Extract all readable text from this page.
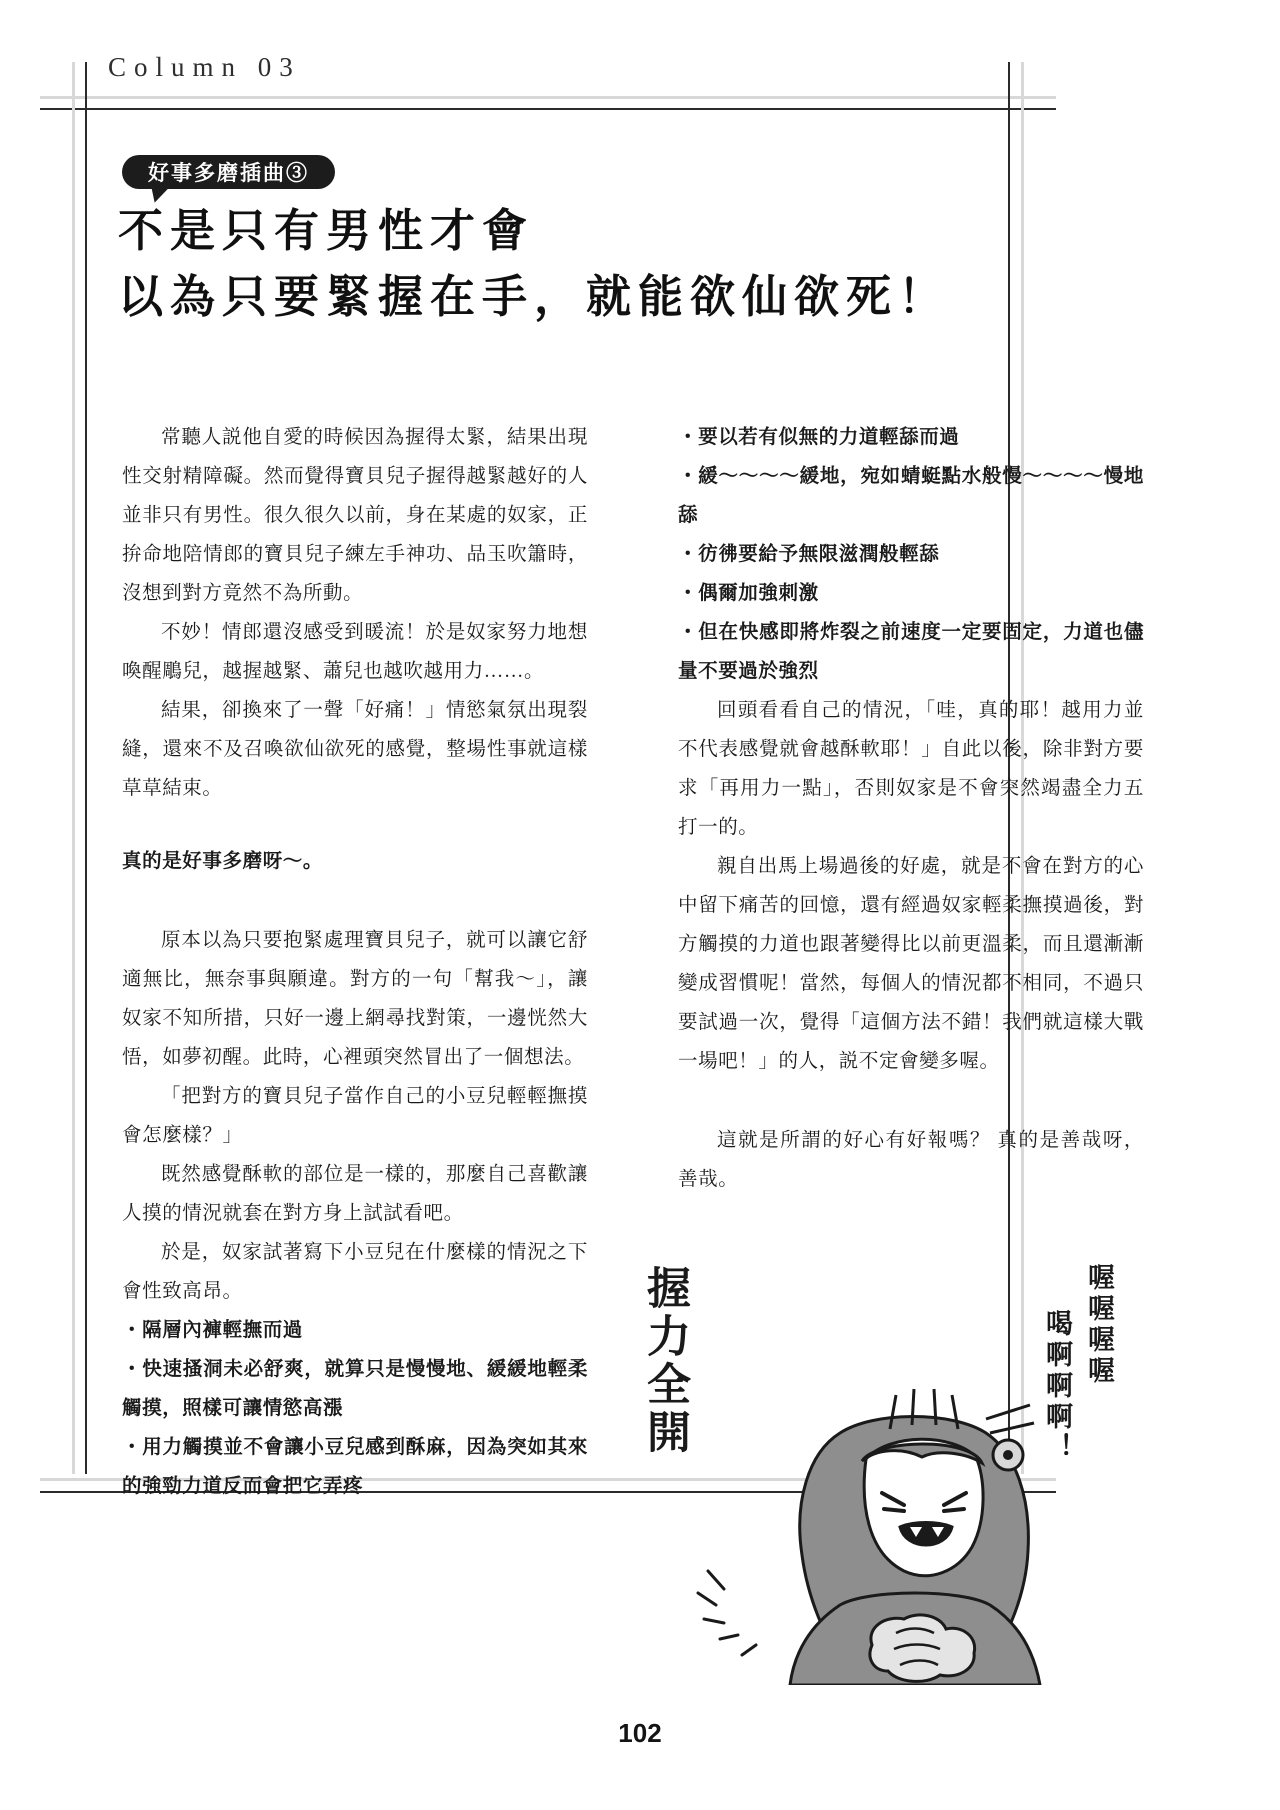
Column 03
好事多磨插曲③
不是只有男性才會
以為只要緊握在手，就能欲仙欲死！

常聽人説他自愛的時候因為握得太緊，結果出現性交射精障礙。然而覺得寶貝兒子握得越緊越好的人並非只有男性。很久很久以前，身在某處的奴家，正拚命地陪情郎的寶貝兒子練左手神功、品玉吹簫時，沒想到對方竟然不為所動。

不妙！情郎還沒感受到暖流！於是奴家努力地想喚醒鵰兒，越握越緊、蕭兒也越吹越用力……。

結果，卻換來了一聲「好痛！」情慾氣氛出現裂縫，還來不及召喚欲仙欲死的感覺，整場性事就這樣草草結束。

真的是好事多磨呀～。

原本以為只要抱緊處理寶貝兒子，就可以讓它舒適無比，無奈事與願違。對方的一句「幫我～」，讓奴家不知所措，只好一邊上網尋找對策，一邊恍然大悟，如夢初醒。此時，心裡頭突然冒出了一個想法。

「把對方的寶貝兒子當作自己的小豆兒輕輕撫摸會怎麼樣？」

既然感覺酥軟的部位是一樣的，那麼自己喜歡讓人摸的情況就套在對方身上試試看吧。

於是，奴家試著寫下小豆兒在什麼樣的情況之下會性致高昂。

・隔層內褲輕撫而過

・快速搔洞未必舒爽，就算只是慢慢地、緩緩地輕柔觸摸，照樣可讓情慾高漲

・用力觸摸並不會讓小豆兒感到酥麻，因為突如其來的強勁力道反而會把它弄疼

・要以若有似無的力道輕舔而過

・緩〜〜〜〜緩地，宛如蜻蜓點水般慢〜〜〜〜慢地舔

・彷彿要給予無限滋潤般輕舔

・偶爾加強刺激

・但在快感即將炸裂之前速度一定要固定，力道也儘量不要過於強烈

回頭看看自己的情況，「哇，真的耶！越用力並不代表感覺就會越酥軟耶！」自此以後，除非對方要求「再用力一點」，否則奴家是不會突然竭盡全力五打一的。

親自出馬上場過後的好處，就是不會在對方的心中留下痛苦的回憶，還有經過奴家輕柔撫摸過後，對方觸摸的力道也跟著變得比以前更溫柔，而且還漸漸變成習慣呢！當然，每個人的情況都不相同，不過只要試過一次，覺得「這個方法不錯！我們就這樣大戰一場吧！」的人，説不定會變多喔。

這就是所謂的好心有好報嗎？ 真的是善哉呀，善哉。

握力全開	喔喔喔喔
喝啊啊啊！
102
